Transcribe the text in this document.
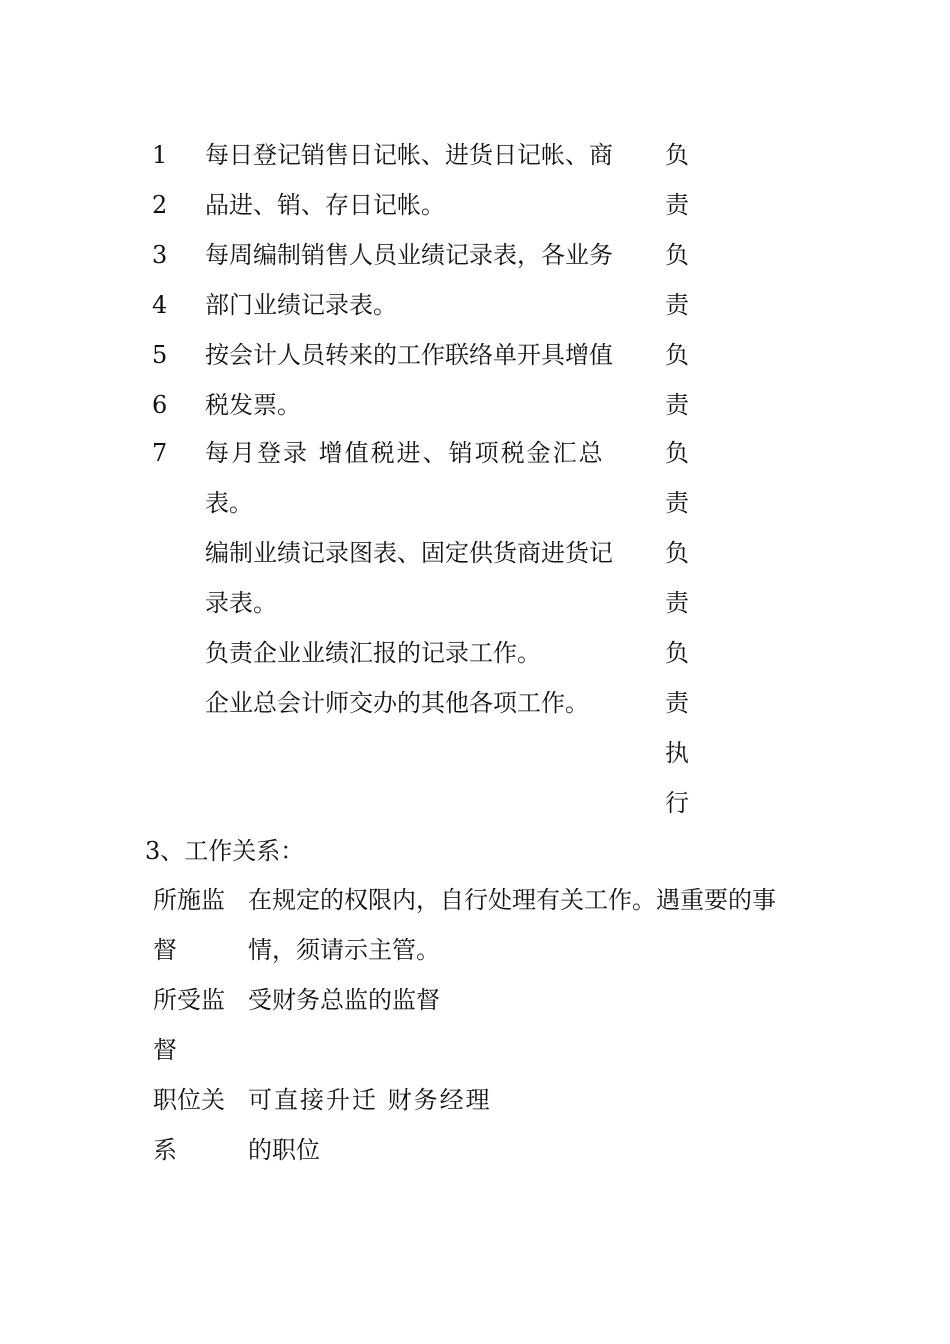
1
2
3
4
5
6
7
每日登记销售日记帐、进货日记帐、商
品进、销、存日记帐。
每周编制销售人员业绩记录表，各业务
部门业绩记录表。
按会计人员转来的工作联络单开具增值
税发票。
每月登录 增值税进、销项税金汇总
表。
编制业绩记录图表、固定供货商进货记
录表。
负责企业业绩汇报的记录工作。
企业总会计师交办的其他各项工作。
负
责
负
责
负
责
负
责
负
责
负
责
执
行
3、工作关系：
所施监
督
在规定的权限内，自行处理有关工作。遇重要的事
情，须请示主管。
所受监
督
受财务总监的监督
职位关
系
可直接升迁 财务经理
的职位
